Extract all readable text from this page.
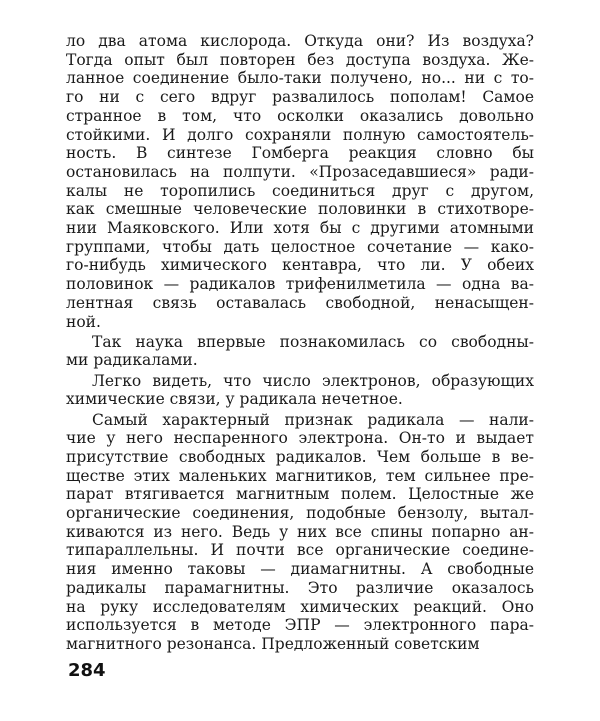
ло два атома кислорода. Откуда они? Из воздуха?
Тогда опыт был повторен без доступа воздуха. Же-
ланное соединение было-таки получено, но... ни с то-
го ни с сего вдруг развалилось пополам! Самое
странное в том, что осколки оказались довольно
стойкими. И долго сохраняли полную самостоятель-
ность. В синтезе Гомберга реакция словно бы
остановилась на полпути. «Прозаседавшиеся» ради-
калы не торопились соединиться друг с другом,
как смешные человеческие половинки в стихотворе-
нии Маяковского. Или хотя бы с другими атомными
группами, чтобы дать целостное сочетание — како-
го-нибудь химического кентавра, что ли. У обеих
половинок — радикалов трифенилметила — одна ва-
лентная связь оставалась свободной, ненасыщен-
ной.
Так наука впервые познакомилась со свободны-
ми радикалами.
Легко видеть, что число электронов, образующих
химические связи, у радикала нечетное.
Самый характерный признак радикала — нали-
чие у него неспаренного электрона. Он-то и выдает
присутствие свободных радикалов. Чем больше в ве-
ществе этих маленьких магнитиков, тем сильнее пре-
парат втягивается магнитным полем. Целостные же
органические соединения, подобные бензолу, вытал-
киваются из него. Ведь у них все спины попарно ан-
типараллельны. И почти все органические соедине-
ния именно таковы — диамагнитны. А свободные
радикалы парамагнитны. Это различие оказалось
на руку исследователям химических реакций. Оно
используется в методе ЭПР — электронного пара-
магнитного резонанса. Предложенный советским
284
